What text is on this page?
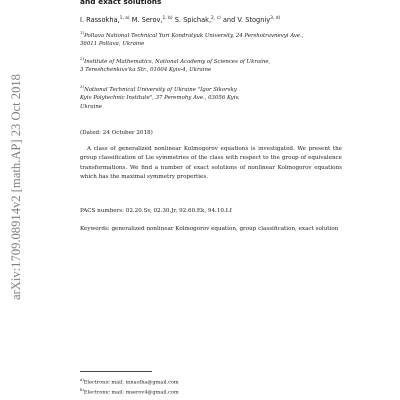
and exact solutions
I. Rassokha,$^{1, a)}$ M. Serov,$^{1, b)}$ S. Spichak,$^{2, c)}$ and V. Stogniy$^{3, d)}$
$^{1)}$Poltava National Technical Yuri Kondratyuk University, 24 Pershotravnevyi Ave.,
36011 Poltava, Ukraine
$^{2)}$Institute of Mathematics, National Academy of Sciences of Ukraine,
3 Tereshchenkivs'ka Str., 01004 Kyiv-4, Ukraine
$^{3)}$National Technical University of Ukraine "Igor Sikorsky
Kyiv Polytechnic Institute", 37 Peremohy Ave., 03056 Kyiv,
Ukraine
(Dated: 24 October 2018)
A class of generalized nonlinear Kolmogorov equations is investigated. We present the group classification of Lie symmetries of the class with respect to the group of equivalence transformations. We find a number of exact solutions of nonlinear Kolmogorov equations which has the maximal symmetry properties.
PACS numbers: 02.20.Sv, 02.30.Jr, 92.60.Ek, 94.10.Lf
Keywords: generalized nonlinear Kolmogorov equation, group classification, exact solution
$^{a)}$Electronic mail: innaolha@gmail.com
$^{b)}$Electronic mail: mserov4@gmail.com
arXiv:1709.08914v2 [math.AP] 23 Oct 2018
